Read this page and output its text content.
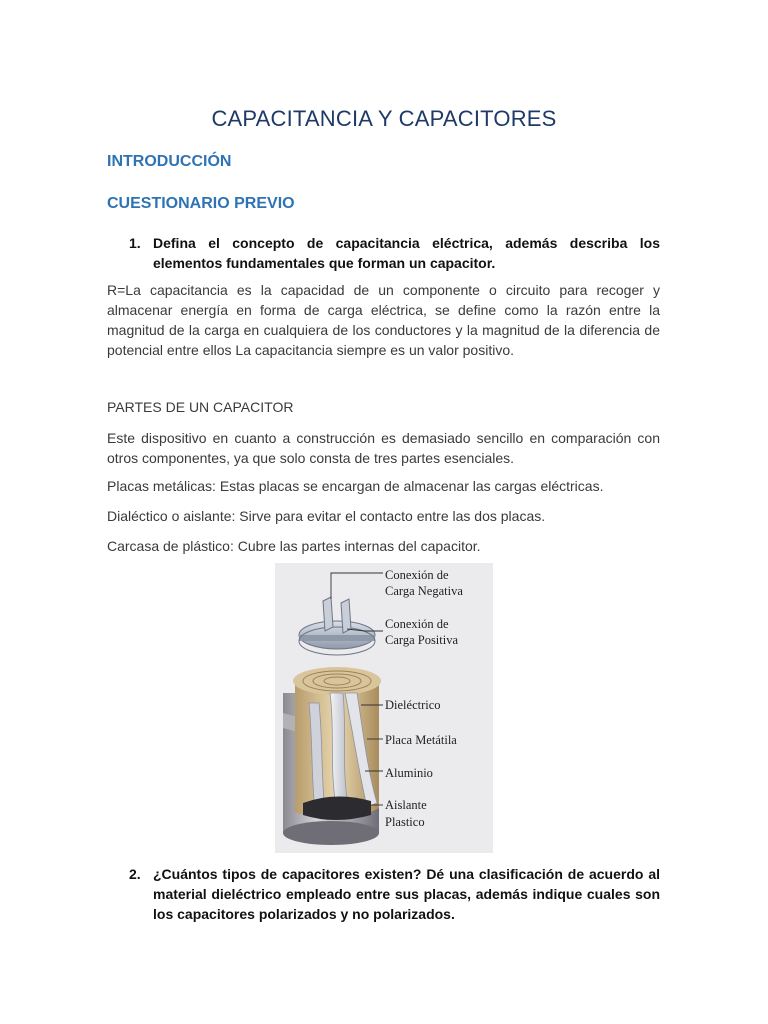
CAPACITANCIA Y CAPACITORES
INTRODUCCIÓN
CUESTIONARIO PREVIO
1. Defina el concepto de capacitancia eléctrica, además describa los elementos fundamentales que forman un capacitor.
R=La capacitancia es la capacidad de un componente o circuito para recoger y almacenar energía en forma de carga eléctrica, se define como la razón entre la magnitud de la carga en cualquiera de los conductores y la magnitud de la diferencia de potencial entre ellos La capacitancia siempre es un valor positivo.
PARTES DE UN CAPACITOR
Este dispositivo en cuanto a construcción es demasiado sencillo en comparación con otros componentes, ya que solo consta de tres partes esenciales.
Placas metálicas: Estas placas se encargan de almacenar las cargas eléctricas.
Dialéctico o aislante: Sirve para evitar el contacto entre las dos placas.
Carcasa de plástico: Cubre las partes internas del capacitor.
Conexión de
Carga Negativa
Conexión de
Carga Positiva
Dieléctrico
Placa Metátila
Aluminio
Aislante
Plastico
2. ¿Cuántos tipos de capacitores existen? Dé una clasificación de acuerdo al material dieléctrico empleado entre sus placas, además indique cuales son los capacitores polarizados y no polarizados.
